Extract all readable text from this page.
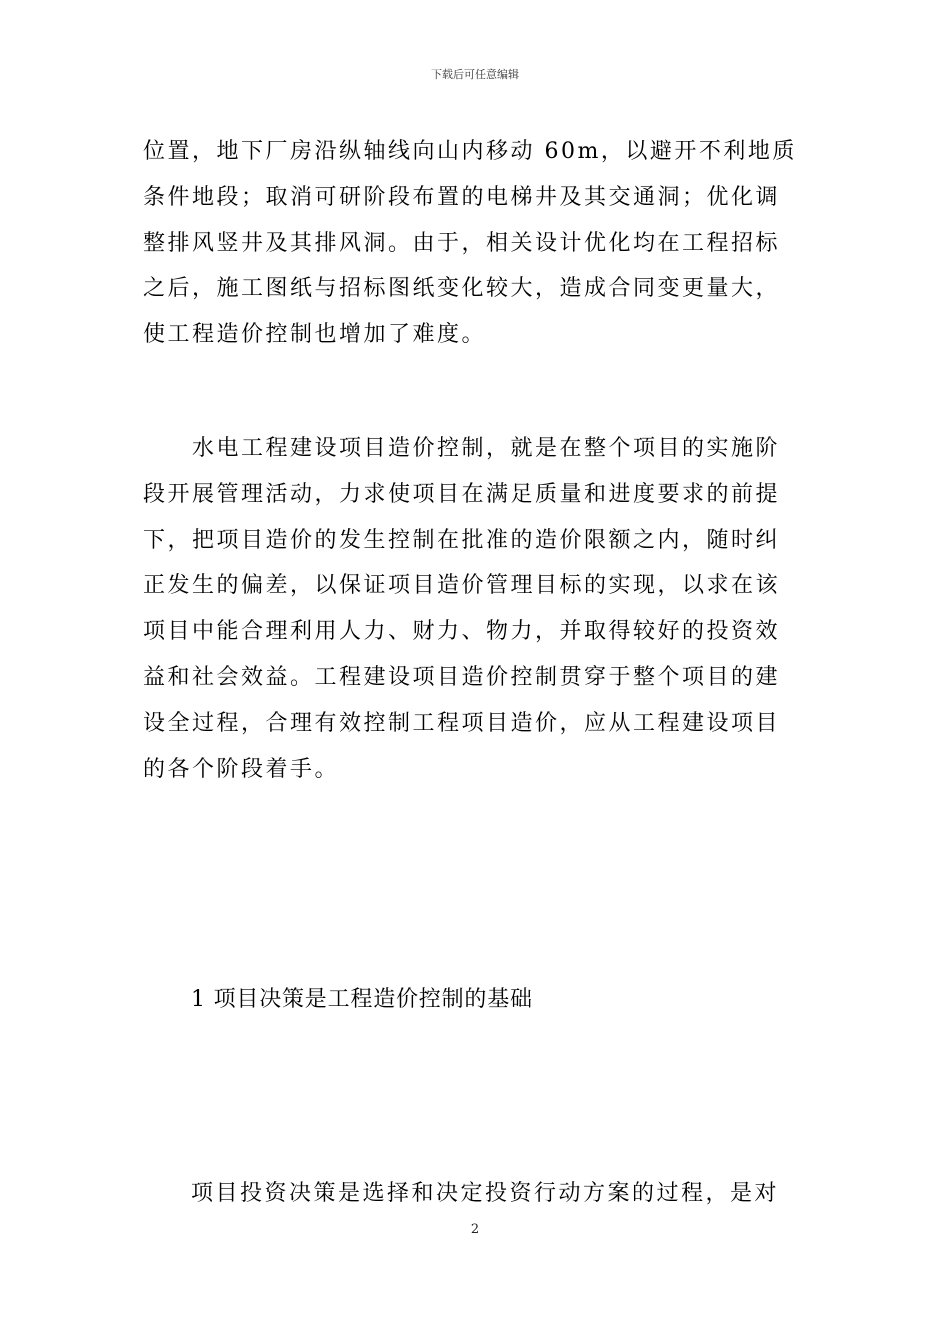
下载后可任意编辑
位置，地下厂房沿纵轴线向山内移动 60m，以避开不利地质
条件地段；取消可研阶段布置的电梯井及其交通洞；优化调
整排风竖井及其排风洞。由于，相关设计优化均在工程招标
之后，施工图纸与招标图纸变化较大，造成合同变更量大，
使工程造价控制也增加了难度。
　　水电工程建设项目造价控制，就是在整个项目的实施阶
段开展管理活动，力求使项目在满足质量和进度要求的前提
下，把项目造价的发生控制在批准的造价限额之内，随时纠
正发生的偏差，以保证项目造价管理目标的实现，以求在该
项目中能合理利用人力、财力、物力，并取得较好的投资效
益和社会效益。工程建设项目造价控制贯穿于整个项目的建
设全过程，合理有效控制工程项目造价，应从工程建设项目
的各个阶段着手。
1 项目决策是工程造价控制的基础
项目投资决策是选择和决定投资行动方案的过程，是对
2
